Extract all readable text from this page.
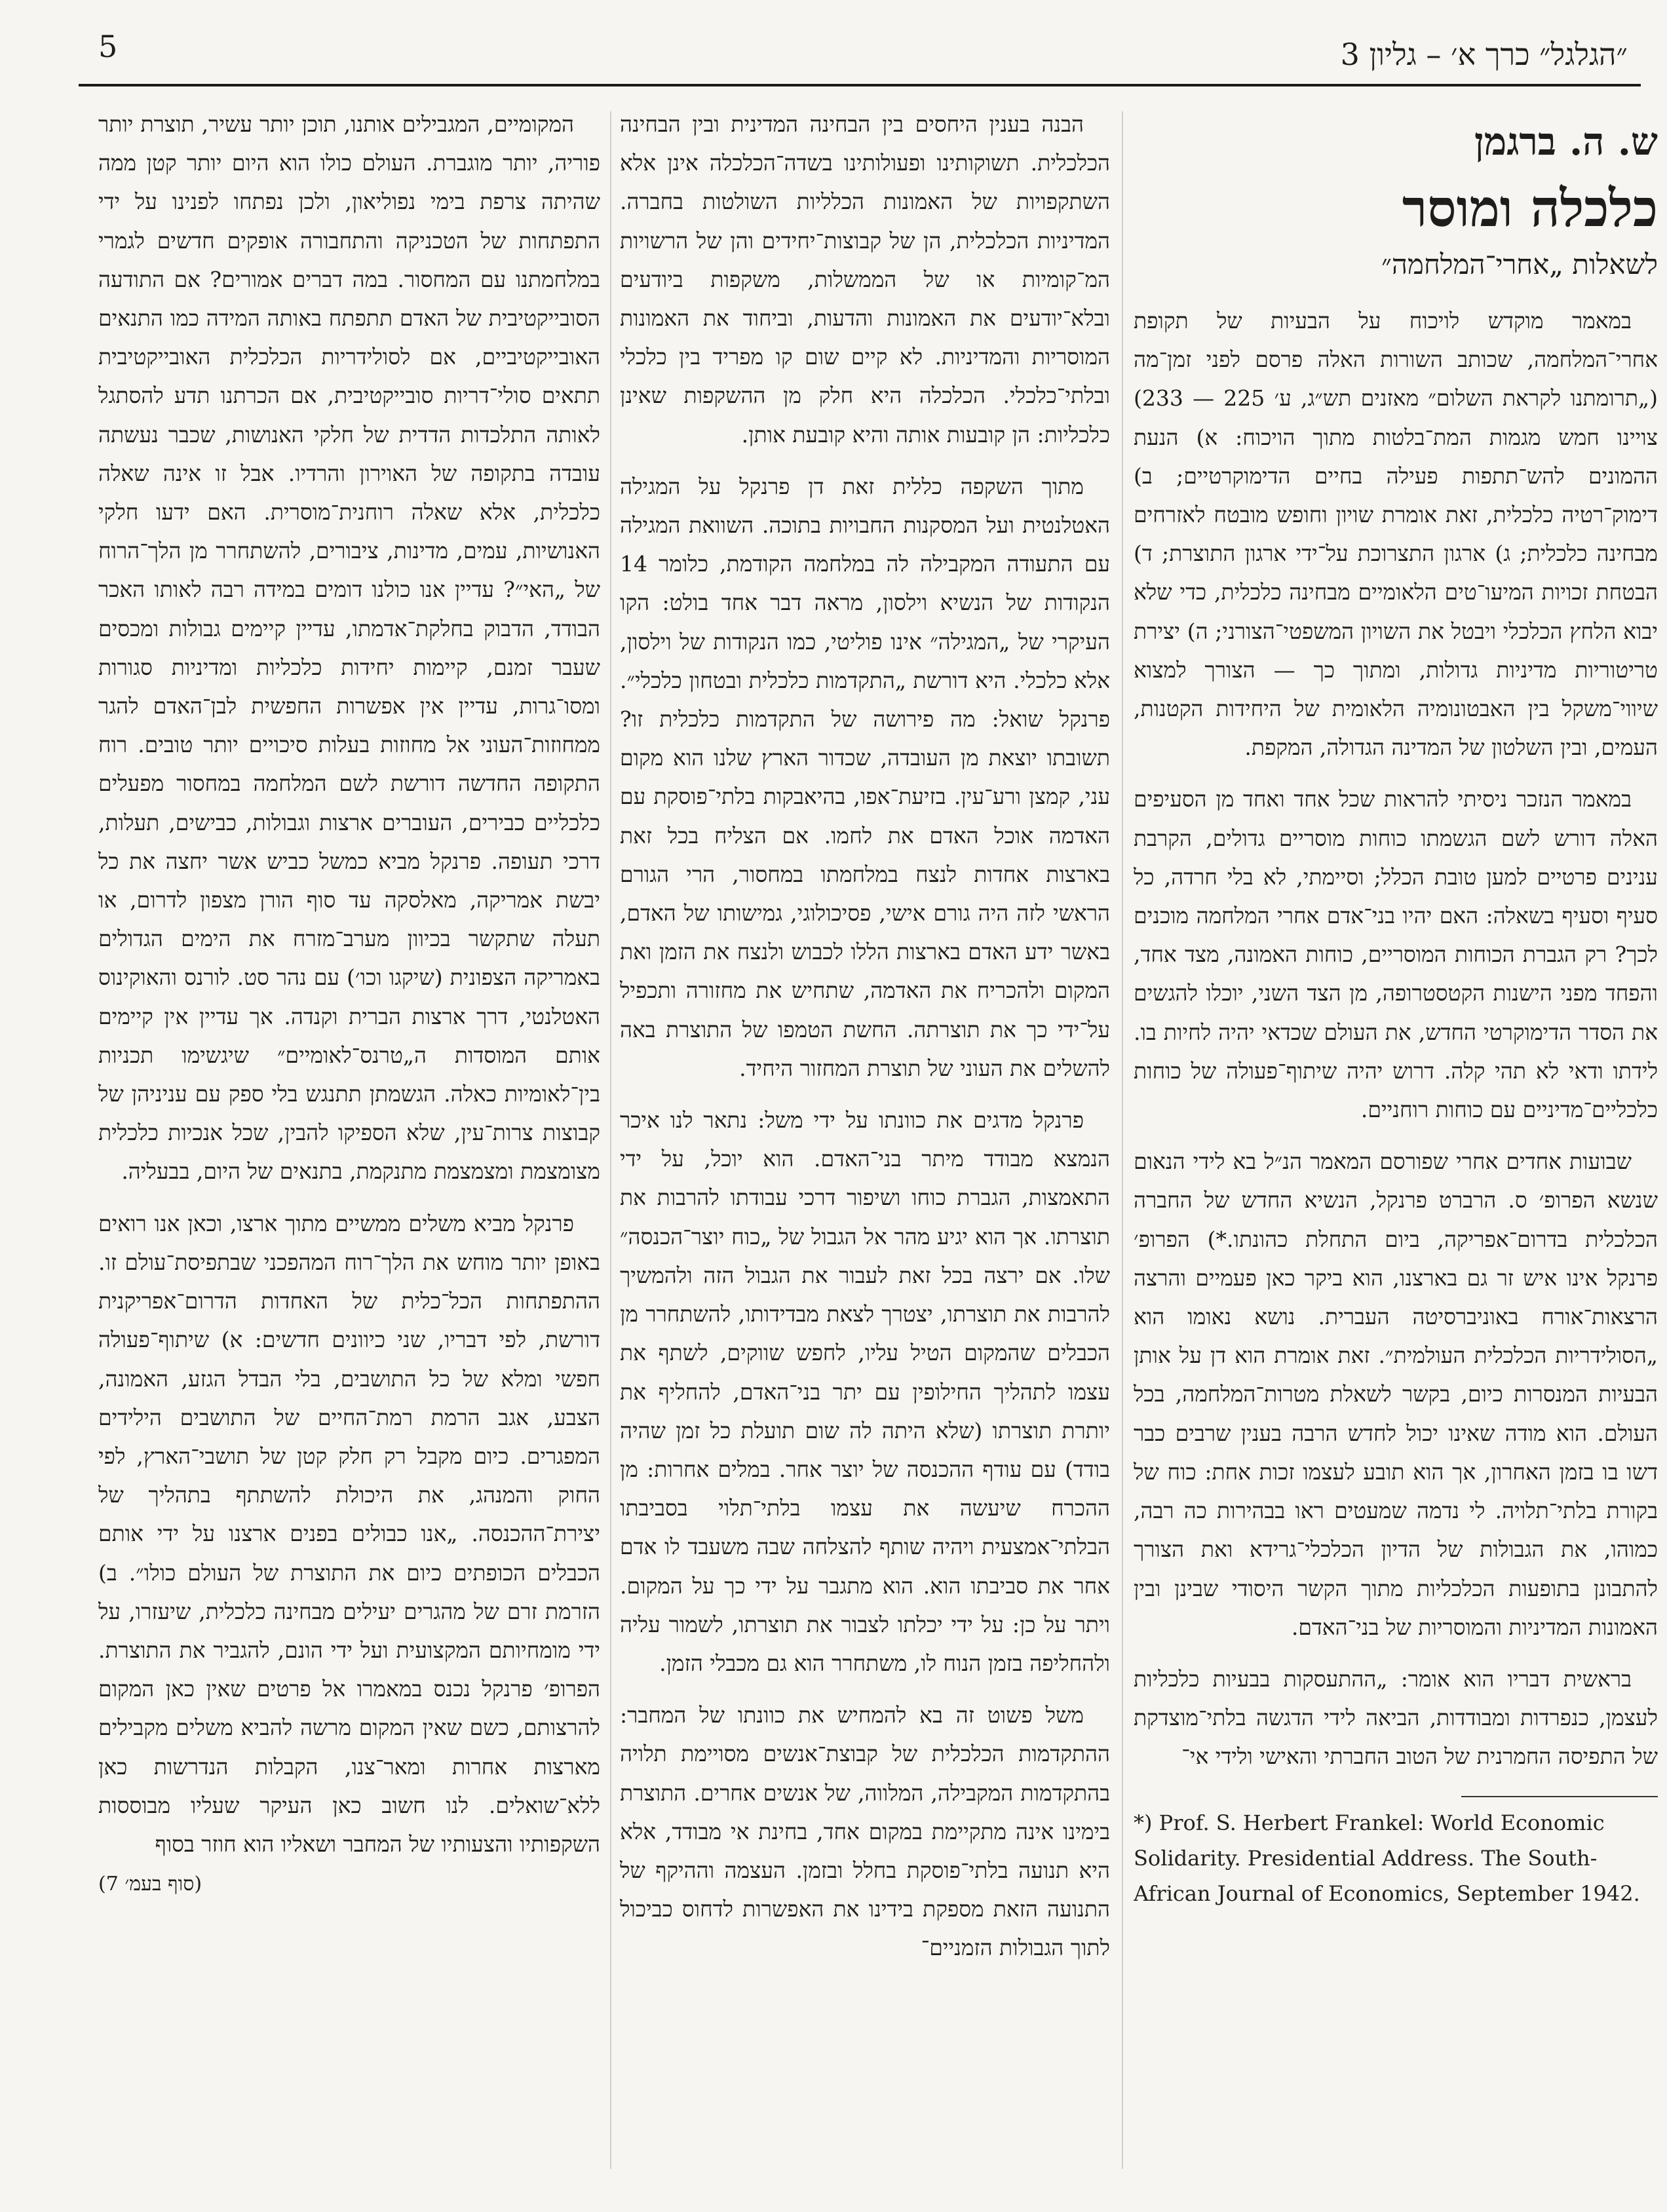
5	״הגלגל״ כרך א׳ – גליון 3
ש. ה. ברגמן
כלכלה ומוסר
לשאלות „אחרי־המלחמה״

במאמר מוקדש לויכוח על הבעיות של תקופת אחרי־המלחמה, שכותב השורות האלה פרסם לפני זמן־מה („תרומתנו לקראת השלום״ מאזנים תש״ג, ע׳ 225 — 233) צויינו חמש מגמות המת־בלטות מתוך הויכוח: א) הנעת ההמונים להש־תתפות פעילה בחיים הדימוקרטיים; ב) דימוק־רטיה כלכלית, זאת אומרת שויון וחופש מובטח לאזרחים מבחינה כלכלית; ג) ארגון התצרוכת על־ידי ארגון התוצרת; ד) הבטחת זכויות המיעו־טים הלאומיים מבחינה כלכלית, כדי שלא יבוא הלחץ הכלכלי ויבטל את השויון המשפטי־הצורני; ה) יצירת טריטוריות מדיניות גדולות, ומתוך כך — הצורך למצוא שיווי־משקל בין האבטונומיה הלאומית של היחידות הקטנות, העמים, ובין השלטון של המדינה הגדולה, המקפת.

במאמר הנזכר ניסיתי להראות שכל אחד ואחד מן הסעיפים האלה דורש לשם הגשמתו כוחות מוסריים גדולים, הקרבת ענינים פרטיים למען טובת הכלל; וסיימתי, לא בלי חרדה, כל סעיף וסעיף בשאלה: האם יהיו בני־אדם אחרי המלחמה מוכנים לכך? רק הגברת הכוחות המוסריים, כוחות האמונה, מצד אחד, והפחד מפני הישנות הקטסטרופה, מן הצד השני, יוכלו להגשים את הסדר הדימוקרטי החדש, את העולם שכדאי יהיה לחיות בו. לידתו ודאי לא תהי קלה. דרוש יהיה שיתוף־פעולה של כוחות כלכליים־מדיניים עם כוחות רוחניים.

שבועות אחדים אחרי שפורסם המאמר הנ״ל בא לידי הנאום שנשא הפרופ׳ ס. הרברט פרנקל, הנשיא החדש של החברה הכלכלית בדרום־אפריקה, ביום התחלת כהונתו.*) הפרופ׳ פרנקל אינו איש זר גם בארצנו, הוא ביקר כאן פעמיים והרצה הרצאות־אורח באוניברסיטה העברית. נושא נאומו הוא „הסולידריות הכלכלית העולמית״. זאת אומרת הוא דן על אותן הבעיות המנסרות כיום, בקשר לשאלת מטרות־המלחמה, בכל העולם. הוא מודה שאינו יכול לחדש הרבה בענין שרבים כבר דשו בו בזמן האחרון, אך הוא תובע לעצמו זכות אחת: כוח של בקורת בלתי־תלויה. לי נדמה שמעטים ראו בבהירות כה רבה, כמוהו, את הגבולות של הדיון הכלכלי־גרידא ואת הצורך להתבונן בתופעות הכלכליות מתוך הקשר היסודי שבינן ובין האמונות המדיניות והמוסריות של בני־האדם.

בראשית דבריו הוא אומר: „ההתעסקות בבעיות כלכליות לעצמן, כנפרדות ומבודדות, הביאה לידי הדגשה בלתי־מוצדקת של התפיסה החמרנית של הטוב החברתי והאישי ולידי אי־

*) Prof. S. Herbert Frankel: World Economic Solidarity. Presidential Address. The South-African Journal of Economics, September 1942.

הבנה בענין היחסים בין הבחינה המדינית ובין הבחינה הכלכלית. תשוקותינו ופעולותינו בשדה־הכלכלה אינן אלא השתקפויות של האמונות הכלליות השולטות בחברה. המדיניות הכלכלית, הן של קבוצות־יחידים והן של הרשויות המ־קומיות או של הממשלות, משקפות ביודעים ובלא־יודעים את האמונות והדעות, וביחוד את האמונות המוסריות והמדיניות. לא קיים שום קו מפריד בין כלכלי ובלתי־כלכלי. הכלכלה היא חלק מן ההשקפות שאינן כלכליות: הן קובעות אותה והיא קובעת אותן.

מתוך השקפה כללית זאת דן פרנקל על המגילה האטלנטית ועל המסקנות החבויות בתוכה. השוואת המגילה עם התעודה המקבילה לה במלחמה הקודמת, כלומר 14 הנקודות של הנשיא וילסון, מראה דבר אחד בולט: הקו העיקרי של „המגילה״ אינו פוליטי, כמו הנקודות של וילסון, אלא כלכלי. היא דורשת „התקדמות כלכלית ובטחון כלכלי״. פרנקל שואל: מה פירושה של התקדמות כלכלית זו? תשובתו יוצאת מן העובדה, שכדור הארץ שלנו הוא מקום עני, קמצן ורע־עין. בזיעת־אפו, בהיאבקות בלתי־פוסקת עם האדמה אוכל האדם את לחמו. אם הצליח בכל זאת בארצות אחדות לנצח במלחמתו במחסור, הרי הגורם הראשי לזה היה גורם אישי, פסיכולוגי, גמישותו של האדם, באשר ידע האדם בארצות הללו לכבוש ולנצח את הזמן ואת המקום ולהכריח את האדמה, שתחיש את מחזורה ותכפיל על־ידי כך את תוצרתה. החשת הטמפו של התוצרת באה להשלים את העוני של תוצרת המחזור היחיד.

פרנקל מדגים את כוונתו על ידי משל: נתאר לנו איכר הנמצא מבודד מיתר בני־האדם. הוא יוכל, על ידי התאמצות, הגברת כוחו ושיפור דרכי עבודתו להרבות את תוצרתו. אך הוא יגיע מהר אל הגבול של „כוח יוצר־הכנסה״ שלו. אם ירצה בכל זאת לעבור את הגבול הזה ולהמשיך להרבות את תוצרתו, יצטרך לצאת מבדידותו, להשתחרר מן הכבלים שהמקום הטיל עליו, לחפש שווקים, לשתף את עצמו לתהליך החילופין עם יתר בני־האדם, להחליף את יותרת תוצרתו (שלא היתה לה שום תועלת כל זמן שהיה בודד) עם עודף ההכנסה של יוצר אחר. במלים אחרות: מן ההכרח שיעשה את עצמו בלתי־תלוי בסביבתו הבלתי־אמצעית ויהיה שותף להצלחה שבה משעבד לו אדם אחר את סביבתו הוא. הוא מתגבר על ידי כך על המקום. ויתר על כן: על ידי יכלתו לצבור את תוצרתו, לשמור עליה ולהחליפה בזמן הנוח לו, משתחרר הוא גם מכבלי הזמן.

משל פשוט זה בא להמחיש את כוונתו של המחבר: ההתקדמות הכלכלית של קבוצת־אנשים מסויימת תלויה בהתקדמות המקבילה, המלווה, של אנשים אחרים. התוצרת בימינו אינה מתקיימת במקום אחד, בחינת אי מבודד, אלא היא תנועה בלתי־פוסקת בחלל ובזמן. העצמה וההיקף של התנועה הזאת מספקת בידינו את האפשרות לדחוס כביכול לתוך הגבולות הזמניים־

המקומיים, המגבילים אותנו, תוכן יותר עשיר, תוצרת יותר פוריה, יותר מוגברת. העולם כולו הוא היום יותר קטן ממה שהיתה צרפת בימי נפוליאון, ולכן נפתחו לפנינו על ידי התפתחות של הטכניקה והתחבורה אופקים חדשים לגמרי במלחמתנו עם המחסור. במה דברים אמורים? אם התודעה הסובייקטיבית של האדם תתפתח באותה המידה כמו התנאים האובייקטיביים, אם לסולידריות הכלכלית האובייקטיבית תתאים סולי־דריות סובייקטיבית, אם הכרתנו תדע להסתגל לאותה התלכדות הדדית של חלקי האנושות, שכבר נעשתה עובדה בתקופה של האוירון והרדיו. אבל זו אינה שאלה כלכלית, אלא שאלה רוחנית־מוסרית. האם ידעו חלקי האנושיות, עמים, מדינות, ציבורים, להשתחרר מן הלך־הרוח של „האי״? עדיין אנו כולנו דומים במידה רבה לאותו האכר הבודד, הדבוק בחלקת־אדמתו, עדיין קיימים גבולות ומכסים שעבר זמנם, קיימות יחידות כלכליות ומדיניות סגורות ומסו־גרות, עדיין אין אפשרות החפשית לבן־האדם להגר ממחוזות־העוני אל מחוזות בעלות סיכויים יותר טובים. רוח התקופה החדשה דורשת לשם המלחמה במחסור מפעלים כלכליים כבירים, העוברים ארצות וגבולות, כבישים, תעלות, דרכי תעופה. פרנקל מביא כמשל כביש אשר יחצה את כל יבשת אמריקה, מאלסקה עד סוף הורן מצפון לדרום, או תעלה שתקשר בכיוון מערב־מזרח את הימים הגדולים באמריקה הצפונית (שיקגו וכו׳) עם נהר סט. לורנס והאוקינוס האטלנטי, דרך ארצות הברית וקנדה. אך עדיין אין קיימים אותם המוסדות ה„טרנס־לאומיים״ שיגשימו תכניות בין־לאומיות כאלה. הגשמתן תתנגש בלי ספק עם עניניהן של קבוצות צרות־עין, שלא הספיקו להבין, שכל אנכיות כלכלית מצומצמת ומצמצמת מתנקמת, בתנאים של היום, בבעליה.

פרנקל מביא משלים ממשיים מתוך ארצו, וכאן אנו רואים באופן יותר מוחש את הלך־רוח המהפכני שבתפיסת־עולם זו. ההתפתחות הכל־כלית של האחדות הדרום־אפריקנית דורשת, לפי דבריו, שני כיוונים חדשים: א) שיתוף־פעולה חפשי ומלא של כל התושבים, בלי הבדל הגזע, האמונה, הצבע, אגב הרמת רמת־החיים של התושבים הילידים המפגרים. כיום מקבל רק חלק קטן של תושבי־הארץ, לפי החוק והמנהג, את היכולת להשתתף בתהליך של יצירת־ההכנסה. „אנו כבולים בפנים ארצנו על ידי אותם הכבלים הכופתים כיום את התוצרת של העולם כולו״. ב) הזרמת זרם של מהגרים יעילים מבחינה כלכלית, שיעזרו, על ידי מומחיותם המקצועית ועל ידי הונם, להגביר את התוצרת. הפרופ׳ פרנקל נכנס במאמרו אל פרטים שאין כאן המקום להרצותם, כשם שאין המקום מרשה להביא משלים מקבילים מארצות אחרות ומאר־צנו, הקבלות הנדרשות כאן ללא־שואלים. לנו חשוב כאן העיקר שעליו מבוססות השקפותיו והצעותיו של המחבר ושאליו הוא חוזר בסוף

(סוף בעמ׳ 7)
